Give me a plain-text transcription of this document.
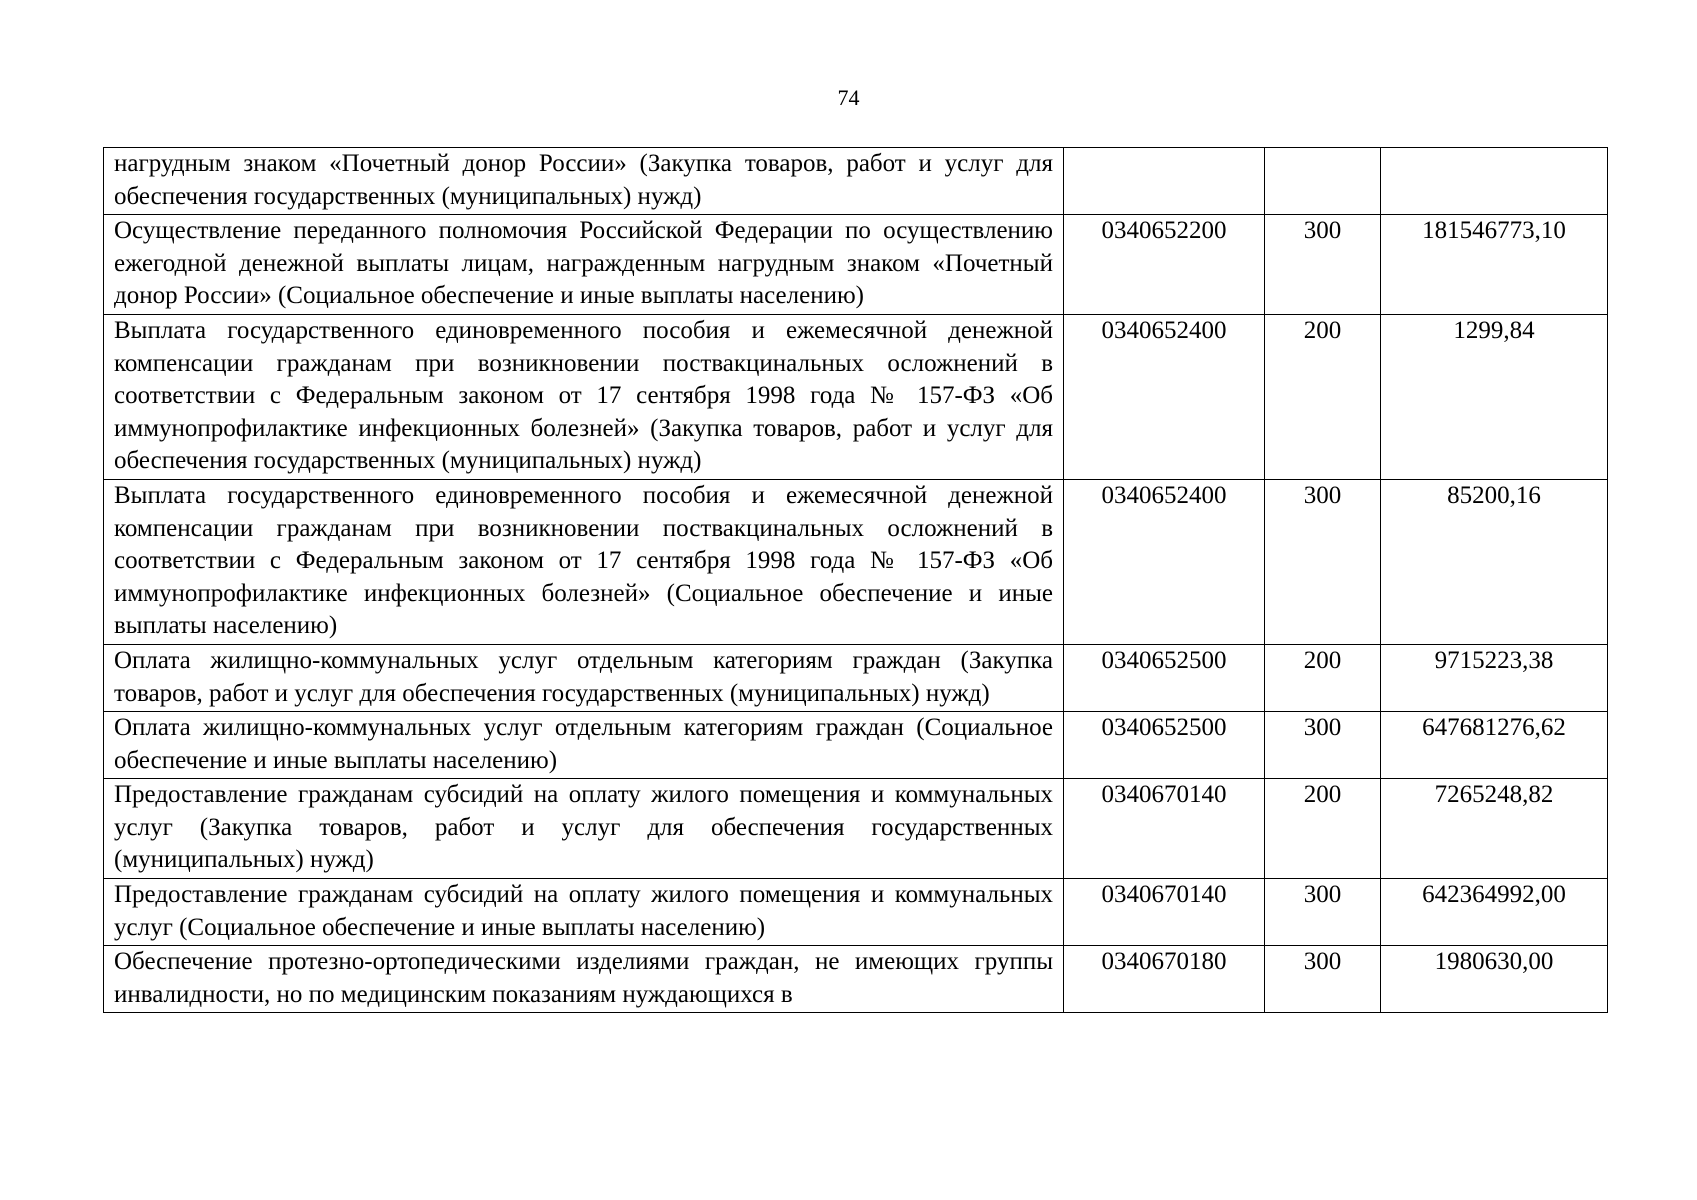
74
нагрудным знаком «Почетный донор России» (Закупка товаров, работ и услуг для обеспечения государственных (муниципальных) нужд)			
Осуществление переданного полномочия Российской Федерации по осуществлению ежегодной денежной выплаты лицам, награжденным нагрудным знаком «Почетный донор России» (Социальное обеспечение и иные выплаты населению)	0340652200	300	181546773,10
Выплата государственного единовременного пособия и ежемесячной денежной компенсации гражданам при возникновении поствакцинальных осложнений в соответствии с Федеральным законом от 17 сентября 1998 года № 157-ФЗ «Об иммунопрофилактике инфекционных болезней» (Закупка товаров, работ и услуг для обеспечения государственных (муниципальных) нужд)	0340652400	200	1299,84
Выплата государственного единовременного пособия и ежемесячной денежной компенсации гражданам при возникновении поствакцинальных осложнений в соответствии с Федеральным законом от 17 сентября 1998 года № 157-ФЗ «Об иммунопрофилактике инфекционных болезней» (Социальное обеспечение и иные выплаты населению)	0340652400	300	85200,16
Оплата жилищно-коммунальных услуг отдельным категориям граждан (Закупка товаров, работ и услуг для обеспечения государственных (муниципальных) нужд)	0340652500	200	9715223,38
Оплата жилищно-коммунальных услуг отдельным категориям граждан (Социальное обеспечение и иные выплаты населению)	0340652500	300	647681276,62
Предоставление гражданам субсидий на оплату жилого помещения и коммунальных услуг (Закупка товаров, работ и услуг для обеспечения государственных (муниципальных) нужд)	0340670140	200	7265248,82
Предоставление гражданам субсидий на оплату жилого помещения и коммунальных услуг (Социальное обеспечение и иные выплаты населению)	0340670140	300	642364992,00
Обеспечение протезно-ортопедическими изделиями граждан, не имеющих группы инвалидности, но по медицинским показаниям нуждающихся в	0340670180	300	1980630,00
